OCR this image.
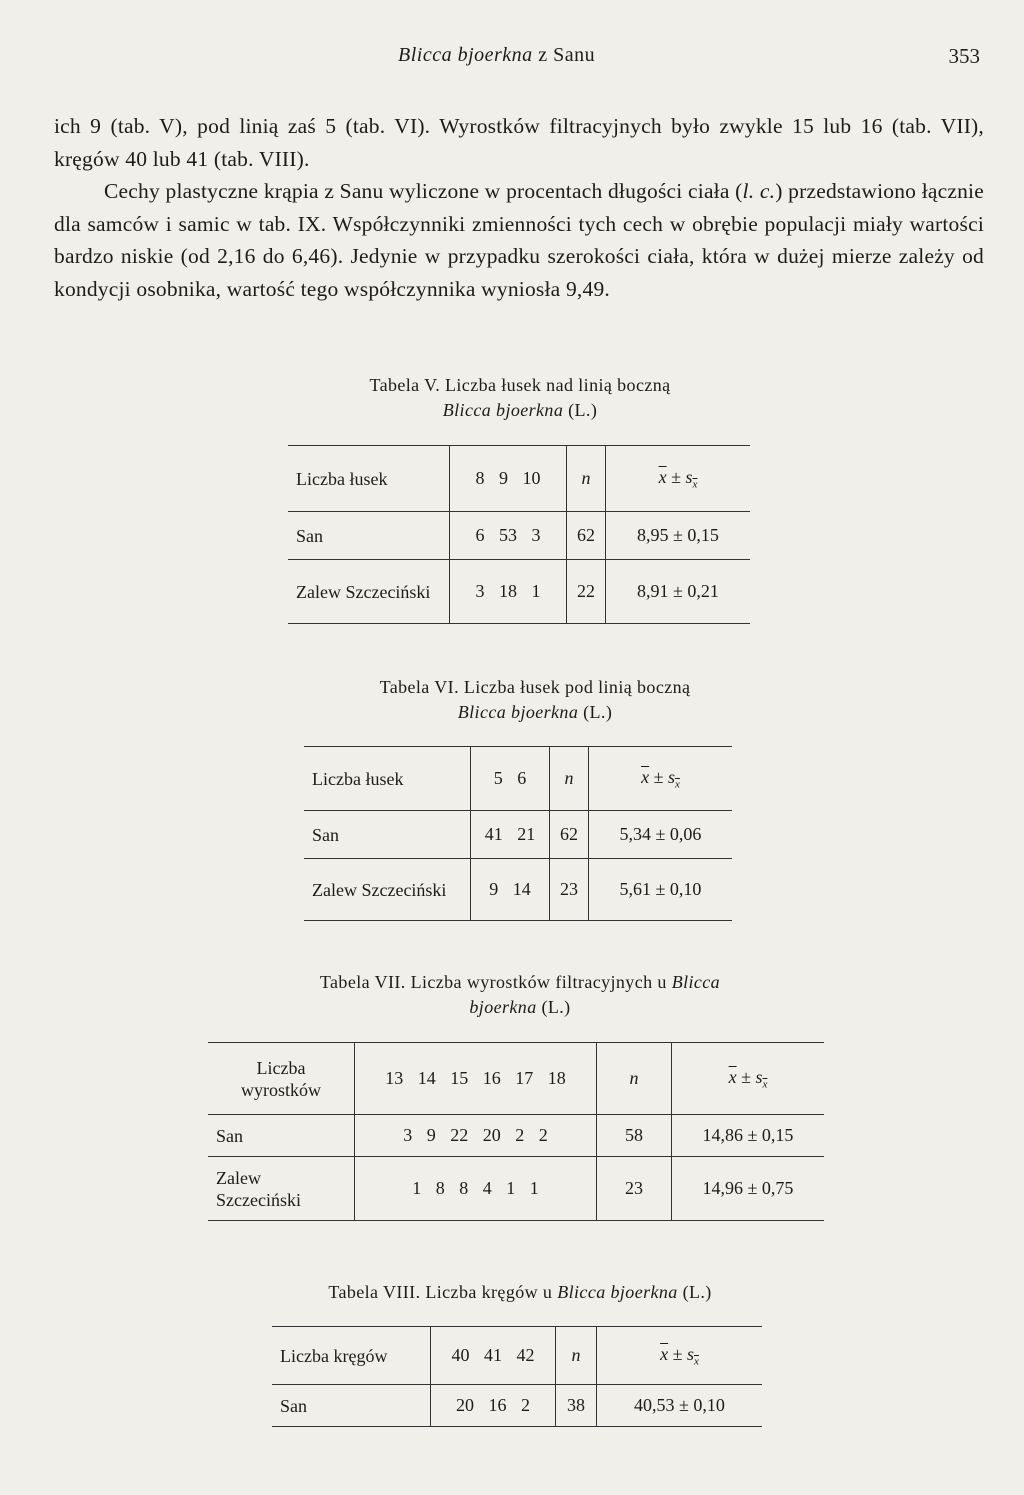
Blicca bjoerkna z Sanu	353

ich 9 (tab. V), pod linią zaś 5 (tab. VI). Wyrostków filtracyjnych było zwykle 15 lub 16 (tab. VII), kręgów 40 lub 41 (tab. VIII).

Cechy plastyczne krąpia z Sanu wyliczone w procentach długości ciała (l. c.) przedstawiono łącznie dla samców i samic w tab. IX. Współczynniki zmienności tych cech w obrębie populacji miały wartości bardzo niskie (od 2,16 do 6,46). Jedynie w przypadku szerokości ciała, która w dużej mierze zależy od kondycji osobnika, wartość tego współczynnika wyniosła 9,49.

Tabela V. Liczba łusek nad linią boczną
Blicca bjoerkna (L.)
Liczba łusek	8 9 10	n	$\overline{x} \pm s_{\overline{x}}$
San	6 53 3	62	8,95 ± 0,15
Zalew Szczeciński	3 18 1	22	8,91 ± 0,21
Tabela VI. Liczba łusek pod linią boczną
Blicca bjoerkna (L.)
Liczba łusek	5 6	n	$\overline{x} \pm s_{\overline{x}}$
San	41 21	62	5,34 ± 0,06
Zalew Szczeciński	9 14	23	5,61 ± 0,10
Tabela VII. Liczba wyrostków filtracyjnych u Blicca
bjoerkna (L.)
Liczba wyrostków	13 14 15 16 17 18	n	$\overline{x} \pm s_{\overline{x}}$
San	3 9 22 20 2 2	58	14,86 ± 0,15
Zalew Szczeciński	1 8 8 4 1 1	23	14,96 ± 0,75
Tabela VIII. Liczba kręgów u Blicca bjoerkna (L.)
Liczba kręgów	40 41 42	n	$\overline{x} \pm s_{\overline{x}}$
San	20 16 2	38	40,53 ± 0,10
